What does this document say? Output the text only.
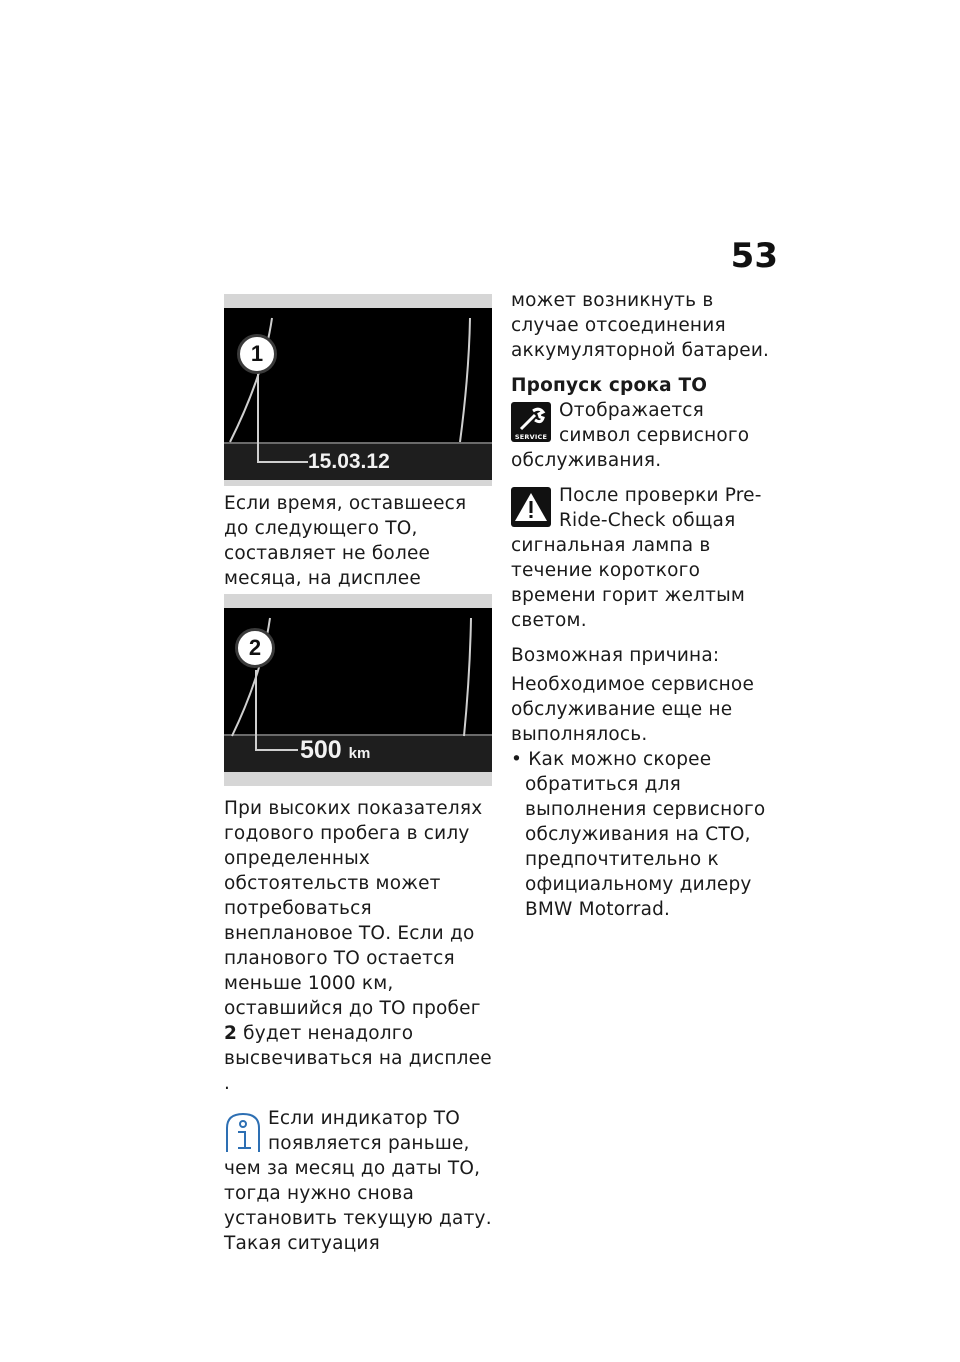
53
1
15.03.12

Если время, оставшееся до следующего ТО, составляет не более месяца, на дисплее

2
500 km

При высоких показателях годового пробега в силу определенных обстоятельств может потребоваться внеплановое ТО. Если до планового ТО остается меньше 1000 км, оставшийся до ТО пробег 2 будет ненадолго высвечиваться на дисплее .

Если индикатор ТО появляется раньше, чем за месяц до даты ТО, тогда нужно снова установить текущую дату. Такая ситуация

может возникнуть в случае отсоединения аккумуляторной батареи.

Пропуск срока ТО

SERVICE
Отображается символ сервисного обслуживания.

После проверки Pre-Ride-Check общая сигнальная лампа в течение короткого времени горит желтым светом.

Возможная причина:

Необходимое сервисное обслуживание еще не выполнялось.

• Как можно скорее обратиться для выполнения сервисного обслуживания на СТО, предпочтительно к официальному дилеру BMW Motorrad.
